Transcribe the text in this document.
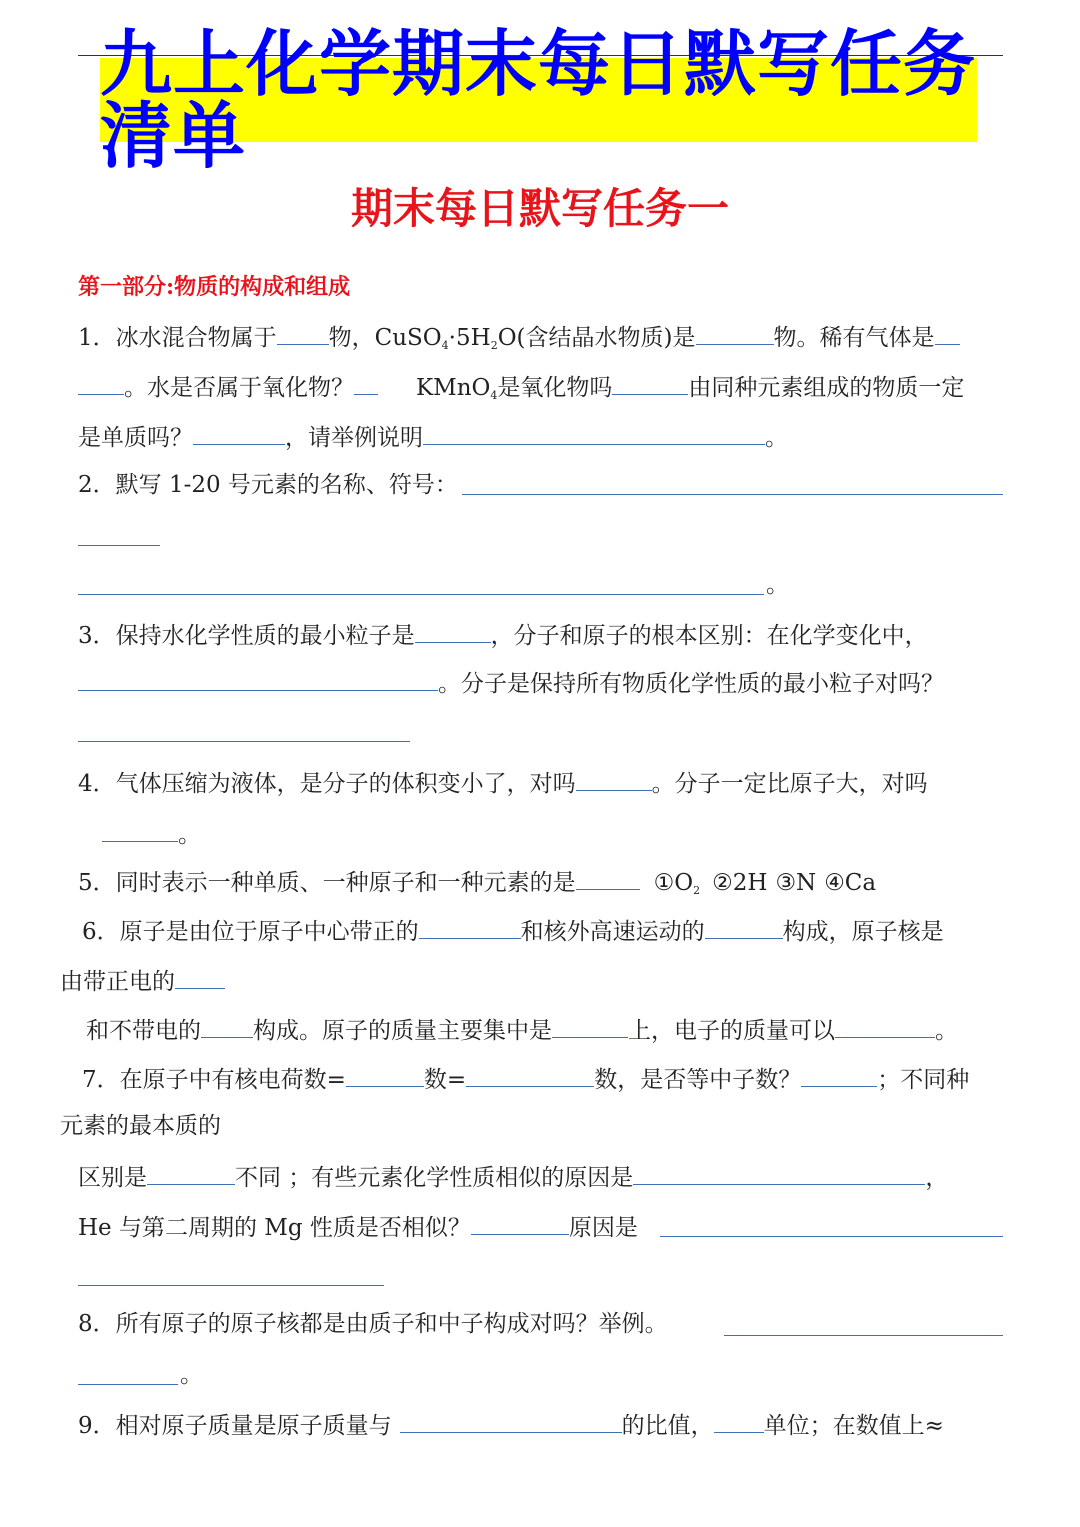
九上化学期末每日默写任务清单
期末每日默写任务一
第一部分:物质的构成和组成
1．冰水混合物属于 物，$CuSO_4\cdot 5H_2O$(含结晶水物质)是	物。稀有气体是
。水是否属于氧化物？	KMnO$_4$是氧化物吗	由同种元素组成的物质一定
是单质吗？	，请举例说明	。
2．默写 1-20 号元素的名称、符号：
。
3．保持水化学性质的最小粒子是	，分子和原子的根本区别：在化学变化中，
。分子是保持所有物质化学性质的最小粒子对吗？
4．气体压缩为液体，是分子的体积变小了，对吗	。分子一定比原子大，对吗
。
5．同时表示一种单质、一种原子和一种元素的是	$①O_2$ ②2H ③N ④Ca
6．原子是由位于原子中心带正的	和核外高速运动的	构成，原子核是
由带正电的
和不带电的 构成。原子的质量主要集中是	上，电子的质量可以	。
7．在原子中有核电荷数=	数=	数，是否等中子数？	；不同种
元素的最本质的
区别是	不同 ；有些元素化学性质相似的原因是	，
He 与第二周期的 Mg 性质是否相似？	原因是
8．所有原子的原子核都是由质子和中子构成对吗？举例。
。
9．相对原子质量是原子质量与	的比值， 单位；在数值上≈
